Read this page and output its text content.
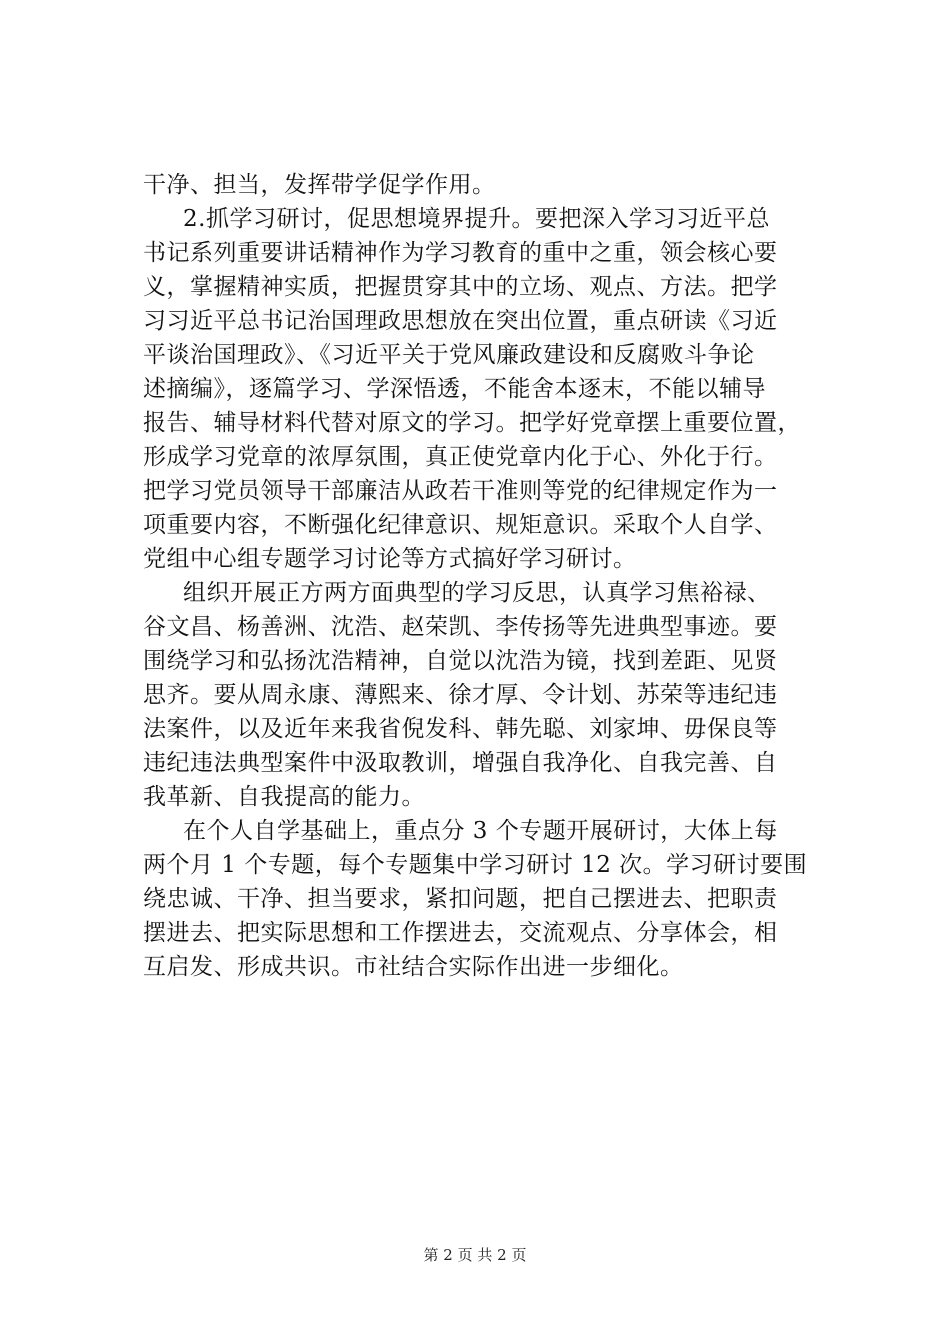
干净、担当，发挥带学促学作用。
2.抓学习研讨，促思想境界提升。要把深入学习习近平总
书记系列重要讲话精神作为学习教育的重中之重，领会核心要
义，掌握精神实质，把握贯穿其中的立场、观点、方法。把学
习习近平总书记治国理政思想放在突出位置，重点研读《习近
平谈治国理政》、《习近平关于党风廉政建设和反腐败斗争论
述摘编》，逐篇学习、学深悟透，不能舍本逐末，不能以辅导
报告、辅导材料代替对原文的学习。把学好党章摆上重要位置，
形成学习党章的浓厚氛围，真正使党章内化于心、外化于行。
把学习党员领导干部廉洁从政若干准则等党的纪律规定作为一
项重要内容，不断强化纪律意识、规矩意识。采取个人自学、
党组中心组专题学习讨论等方式搞好学习研讨。
组织开展正方两方面典型的学习反思，认真学习焦裕禄、
谷文昌、杨善洲、沈浩、赵荣凯、李传扬等先进典型事迹。要
围绕学习和弘扬沈浩精神，自觉以沈浩为镜，找到差距、见贤
思齐。要从周永康、薄熙来、徐才厚、令计划、苏荣等违纪违
法案件，以及近年来我省倪发科、韩先聪、刘家坤、毋保良等
违纪违法典型案件中汲取教训，增强自我净化、自我完善、自
我革新、自我提高的能力。
在个人自学基础上，重点分 3 个专题开展研讨，大体上每
两个月 1 个专题，每个专题集中学习研讨 12 次。学习研讨要围
绕忠诚、干净、担当要求，紧扣问题，把自己摆进去、把职责
摆进去、把实际思想和工作摆进去，交流观点、分享体会，相
互启发、形成共识。市社结合实际作出进一步细化。
第 2 页 共 2 页
